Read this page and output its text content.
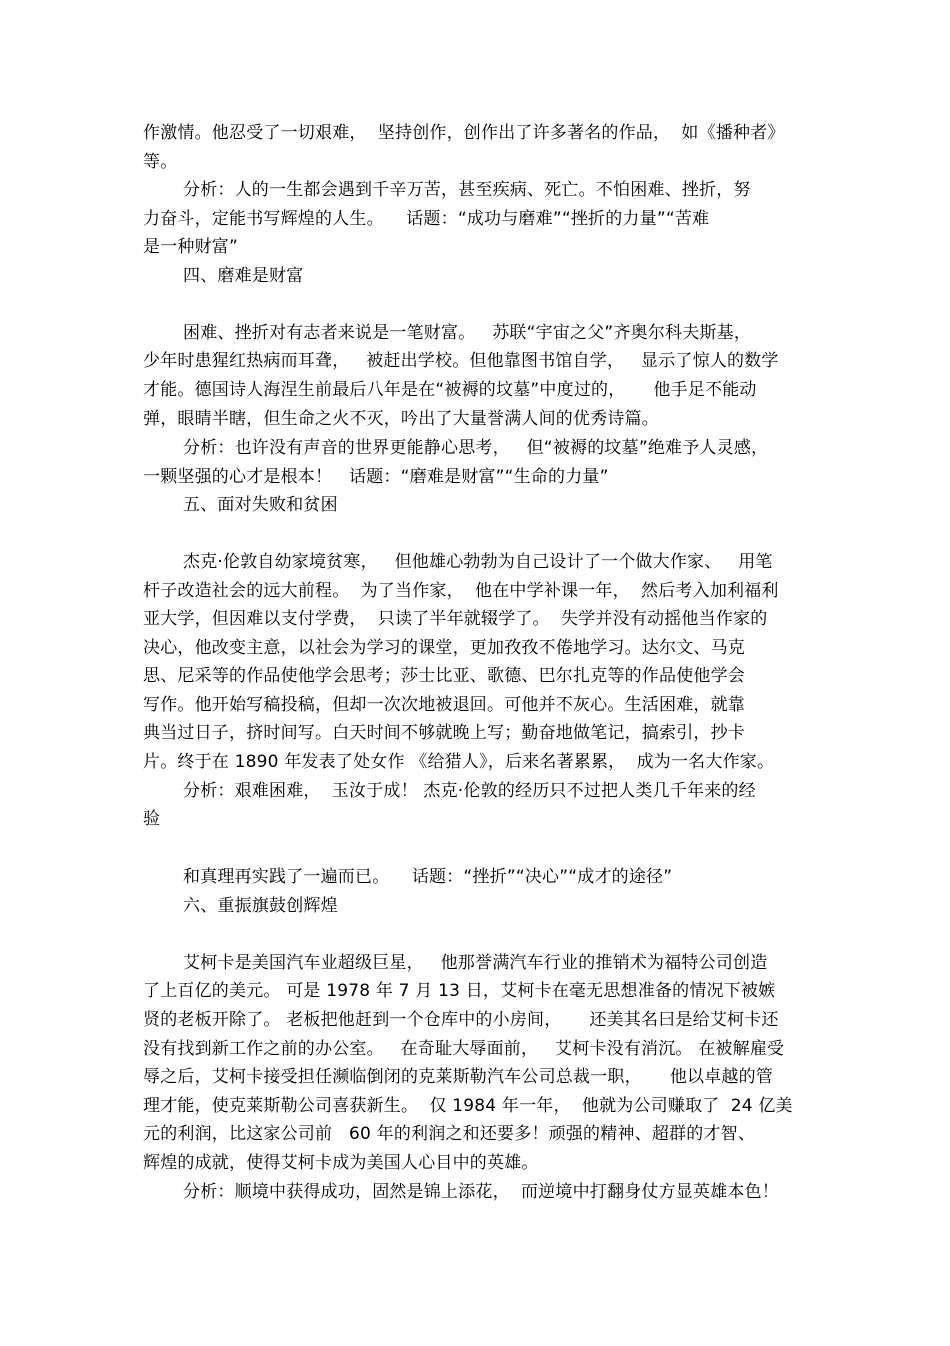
作激情。他忍受了一切艰难，  坚持创作，创作出了许多著名的作品，  如《播种者》
等。
分析：人的一生都会遇到千辛万苦，甚至疾病、死亡。不怕困难、挫折，努
力奋斗，定能书写辉煌的人生。    话题：“成功与磨难”“挫折的力量”“苦难
是一种财富”
四、磨难是财富
困难、挫折对有志者来说是一笔财富。   苏联“宇宙之父”齐奥尔科夫斯基，
少年时患猩红热病而耳聋，   被赶出学校。但他靠图书馆自学，   显示了惊人的数学
才能。德国诗人海涅生前最后八年是在“被褥的坟墓”中度过的，     他手足不能动
弹，眼睛半瞎，但生命之火不灭，吟出了大量誉满人间的优秀诗篇。
分析：也许没有声音的世界更能静心思考，   但“被褥的坟墓”绝难予人灵感，
一颗坚强的心才是根本！   话题：“磨难是财富”“生命的力量”
五、面对失败和贫困
杰克·伦敦自幼家境贫寒，   但他雄心勃勃为自己设计了一个做大作家、   用笔
杆子改造社会的远大前程。  为了当作家，  他在中学补课一年，  然后考入加利福利
亚大学，但因难以支付学费，  只读了半年就辍学了。  失学并没有动摇他当作家的
决心，他改变主意，以社会为学习的课堂，更加孜孜不倦地学习。达尔文、马克
思、尼采等的作品使他学会思考；莎士比亚、歌德、巴尔扎克等的作品使他学会
写作。他开始写稿投稿，但却一次次地被退回。可他并不灰心。生活困难，就靠
典当过日子，挤时间写。白天时间不够就晚上写；勤奋地做笔记，搞索引，抄卡
片。终于在 1890 年发表了处女作 《给猎人》，后来名著累累，  成为一名大作家。
分析：艰难困难，  玉汝于成！ 杰克·伦敦的经历只不过把人类几千年来的经
验
和真理再实践了一遍而已。    话题：“挫折”“决心”“成才的途径”
六、重振旗鼓创辉煌
艾柯卡是美国汽车业超级巨星，   他那誉满汽车行业的推销术为福特公司创造
了上百亿的美元。 可是 1978 年 7 月 13 日，艾柯卡在毫无思想准备的情况下被嫉
贤的老板开除了。 老板把他赶到一个仓库中的小房间，     还美其名曰是给艾柯卡还
没有找到新工作之前的办公室。   在奇耻大辱面前，   艾柯卡没有消沉。 在被解雇受
辱之后，艾柯卡接受担任濒临倒闭的克莱斯勒汽车公司总裁一职，     他以卓越的管
理才能，使克莱斯勒公司喜获新生。  仅 1984 年一年，  他就为公司赚取了  24 亿美
元的利润，比这家公司前   60 年的利润之和还要多！顽强的精神、超群的才智、
辉煌的成就，使得艾柯卡成为美国人心目中的英雄。
分析：顺境中获得成功，固然是锦上添花，  而逆境中打翻身仗方显英雄本色！
